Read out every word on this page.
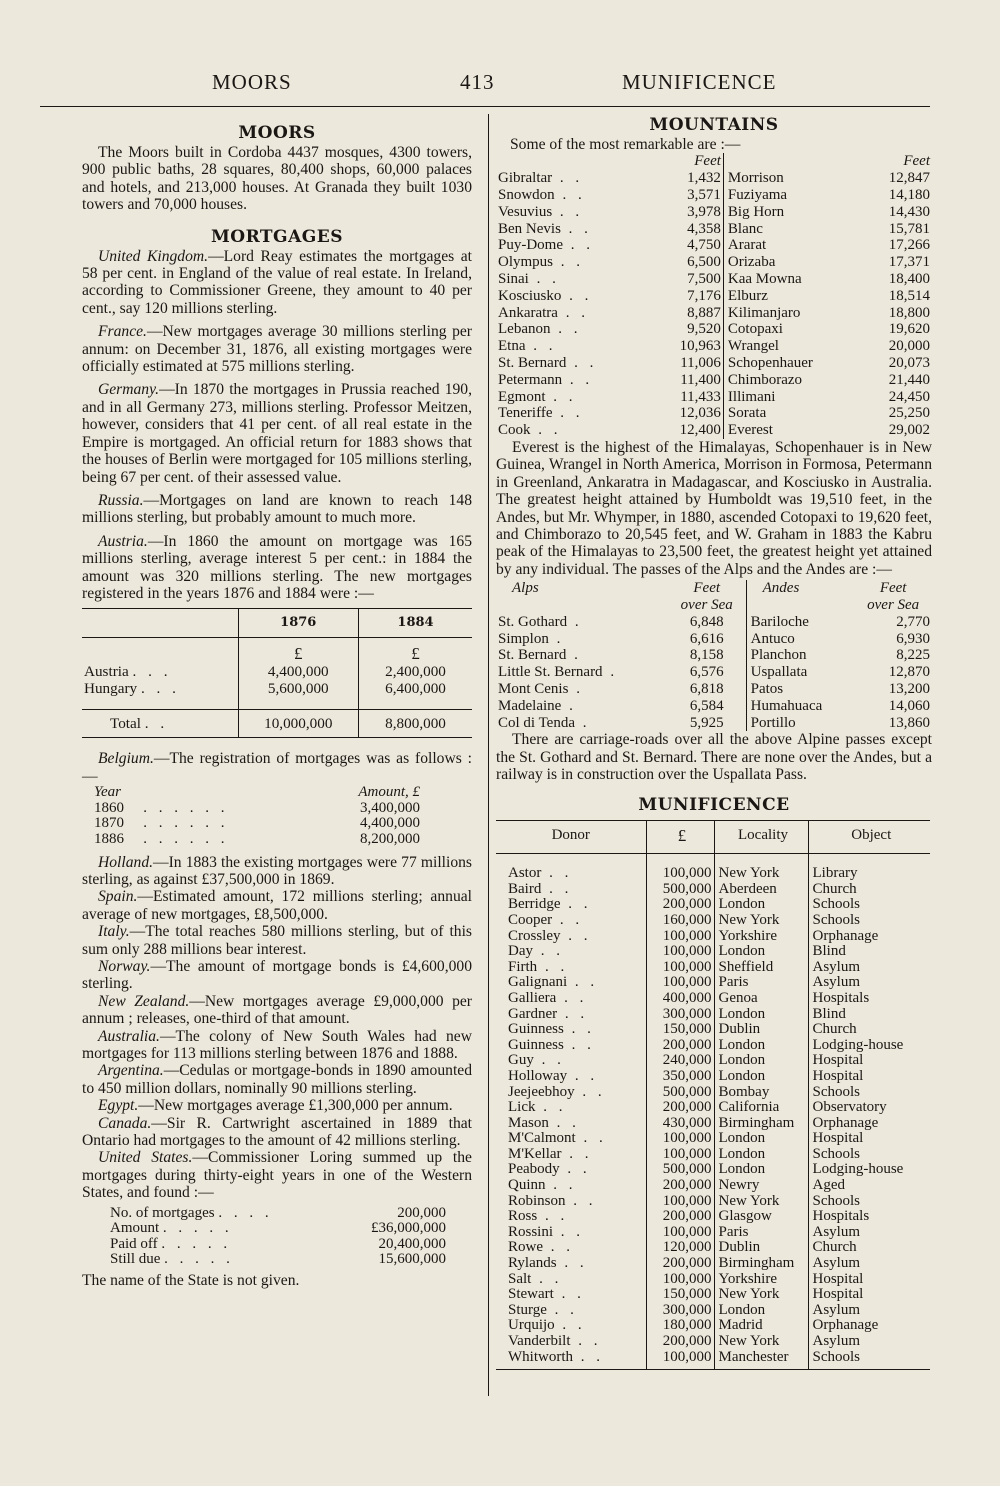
MOORS	413	MUNIFICENCE
MOORS

The Moors built in Cordoba 4437 mosques, 4300 towers, 900 public baths, 28 squares, 80,400 shops, 60,000 palaces and hotels, and 213,000 houses. At Granada they built 1030 towers and 70,000 houses.

MORTGAGES

United Kingdom.—Lord Reay estimates the mortgages at 58 per cent. in England of the value of real estate. In Ireland, according to Commissioner Greene, they amount to 40 per cent., say 120 millions sterling.

France.—New mortgages average 30 millions sterling per annum: on December 31, 1876, all existing mortgages were officially estimated at 575 millions sterling.

Germany.—In 1870 the mortgages in Prussia reached 190, and in all Germany 273, millions sterling. Professor Meitzen, however, considers that 41 per cent. of all real estate in the Empire is mortgaged. An official return for 1883 shows that the houses of Berlin were mortgaged for 105 millions sterling, being 67 per cent. of their assessed value.

Russia.—Mortgages on land are known to reach 148 millions sterling, but probably amount to much more.

Austria.—In 1860 the amount on mortgage was 165 millions sterling, average interest 5 per cent.: in 1884 the amount was 320 millions sterling. The new mortgages registered in the years 1876 and 1884 were :—

	1876	1884
	£	£
Austria . . .	4,400,000	2,400,000
Hungary . . .	5,600,000	6,400,000
Total . .	10,000,000	8,800,000

Belgium.—The registration of mortgages was as follows :—

Year	Amount, £
1860   . . . . . .	3,400,000
1870   . . . . . .	4,400,000
1886   . . . . . .	8,200,000

Holland.—In 1883 the existing mortgages were 77 millions sterling, as against £37,500,000 in 1869.

Spain.—Estimated amount, 172 millions sterling; annual average of new mortgages, £8,500,000.

Italy.—The total reaches 580 millions sterling, but of this sum only 288 millions bear interest.

Norway.—The amount of mortgage bonds is £4,600,000 sterling.

New Zealand.—New mortgages average £9,000,000 per annum ; releases, one-third of that amount.

Australia.—The colony of New South Wales had new mortgages for 113 millions sterling between 1876 and 1888.

Argentina.—Cedulas or mortgage-bonds in 1890 amounted to 450 million dollars, nominally 90 millions sterling.

Egypt.—New mortgages average £1,300,000 per annum.

Canada.—Sir R. Cartwright ascertained in 1889 that Ontario had mortgages to the amount of 42 millions sterling.

United States.—Commissioner Loring summed up the mortgages during thirty-eight years in one of the Western States, and found :—

No. of mortgages . . . .	200,000
Amount . . . . .	£36,000,000
Paid off . . . . .	20,400,000
Still due . . . . .	15,600,000

The name of the State is not given.

MOUNTAINS

Some of the most remarkable are :—

	Feet		Feet
Gibraltar . .	1,432	Morrison	12,847
Snowdon . .	3,571	Fuziyama	14,180
Vesuvius . .	3,978	Big Horn	14,430
Ben Nevis . .	4,358	Blanc	15,781
Puy-Dome . .	4,750	Ararat	17,266
Olympus . .	6,500	Orizaba	17,371
Sinai . .	7,500	Kaa Mowna	18,400
Kosciusko . .	7,176	Elburz	18,514
Ankaratra . .	8,887	Kilimanjaro	18,800
Lebanon . .	9,520	Cotopaxi	19,620
Etna . .	10,963	Wrangel	20,000
St. Bernard . .	11,006	Schopenhauer	20,073
Petermann . .	11,400	Chimborazo	21,440
Egmont . .	11,433	Illimani	24,450
Teneriffe . .	12,036	Sorata	25,250
Cook . .	12,400	Everest	29,002

Everest is the highest of the Himalayas, Schopenhauer is in New Guinea, Wrangel in North America, Morrison in Formosa, Petermann in Greenland, Ankaratra in Madagascar, and Kosciusko in Australia. The greatest height attained by Humboldt was 19,510 feet, in the Andes, but Mr. Whymper, in 1880, ascended Cotopaxi to 19,620 feet, and Chimborazo to 20,545 feet, and W. Graham in 1883 the Kabru peak of the Himalayas to 23,500 feet, the greatest height yet attained by any individual. The passes of the Alps and the Andes are :—

Alps	Feet	Andes	Feet
	over Sea		over Sea
St. Gothard .	6,848	Bariloche	2,770
Simplon .	6,616	Antuco	6,930
St. Bernard .	8,158	Planchon	8,225
Little St. Bernard .	6,576	Uspallata	12,870
Mont Cenis .	6,818	Patos	13,200
Madelaine .	6,584	Humahuaca	14,060
Col di Tenda .	5,925	Portillo	13,860

There are carriage-roads over all the above Alpine passes except the St. Gothard and St. Bernard. There are none over the Andes, but a railway is in construction over the Uspallata Pass.

MUNIFICENCE
Donor	£	Locality	Object
Astor . .	100,000	New York	Library
Baird . .	500,000	Aberdeen	Church
Berridge . .	200,000	London	Schools
Cooper . .	160,000	New York	Schools
Crossley . .	100,000	Yorkshire	Orphanage
Day . .	100,000	London	Blind
Firth . .	100,000	Sheffield	Asylum
Galignani . .	100,000	Paris	Asylum
Galliera . .	400,000	Genoa	Hospitals
Gardner . .	300,000	London	Blind
Guinness . .	150,000	Dublin	Church
Guinness . .	200,000	London	Lodging-house
Guy . .	240,000	London	Hospital
Holloway . .	350,000	London	Hospital
Jeejeebhoy . .	500,000	Bombay	Schools
Lick . .	200,000	California	Observatory
Mason . .	430,000	Birmingham	Orphanage
M'Calmont . .	100,000	London	Hospital
M'Kellar . .	100,000	London	Schools
Peabody . .	500,000	London	Lodging-house
Quinn . .	200,000	Newry	Aged
Robinson . .	100,000	New York	Schools
Ross . .	200,000	Glasgow	Hospitals
Rossini . .	100,000	Paris	Asylum
Rowe . .	120,000	Dublin	Church
Rylands . .	200,000	Birmingham	Asylum
Salt . .	100,000	Yorkshire	Hospital
Stewart . .	150,000	New York	Hospital
Sturge . .	300,000	London	Asylum
Urquijo . .	180,000	Madrid	Orphanage
Vanderbilt . .	200,000	New York	Asylum
Whitworth . .	100,000	Manchester	Schools
